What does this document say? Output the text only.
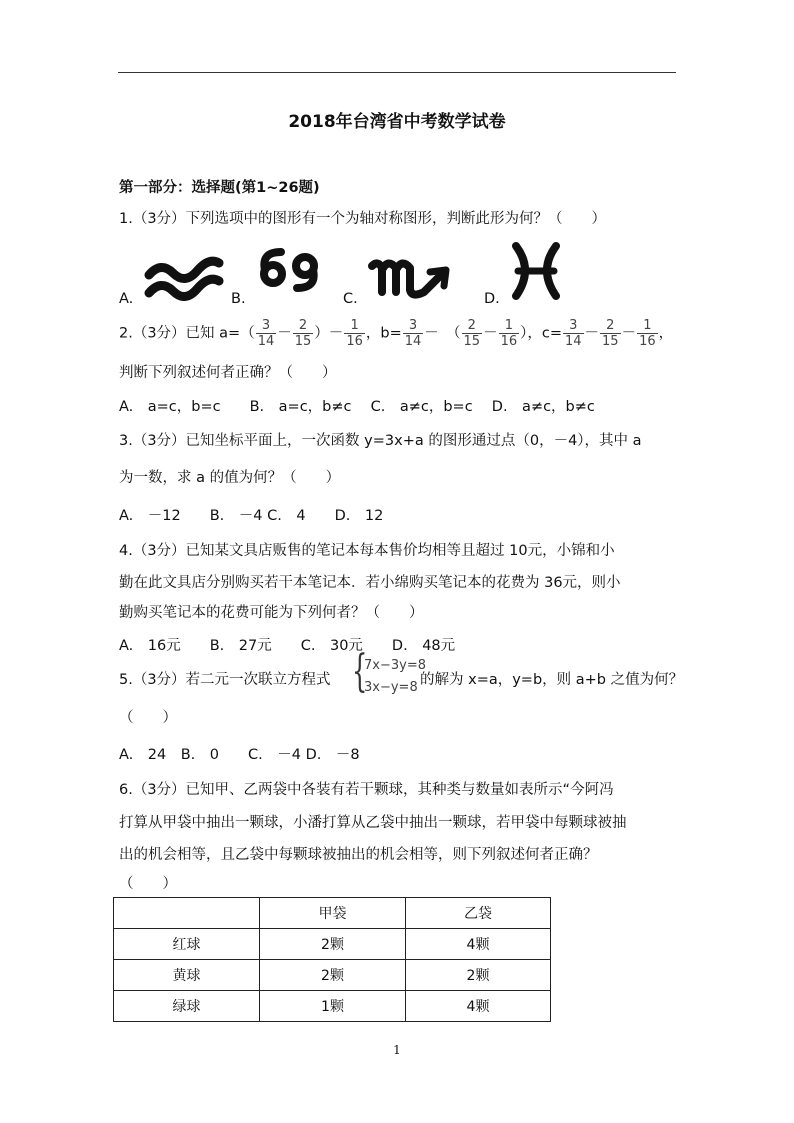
2018年台湾省中考数学试卷
第一部分：选择题(第1~26题)
1.（3分）下列选项中的图形有一个为轴对称图形，判断此形为何？（　　）
A.	B.	C.	D.
2.（3分）已知 $a=( \frac{3}{14} - \frac{2}{15}$ ）－ $\frac{1}{16}$ ，$b= \frac{3}{14}$ －　（ $\frac{2}{15} - \frac{1}{16}$ ），$c= \frac{3}{14} - \frac{2}{15} - \frac{1}{16}$ ，
判断下列叙述何者正确？（　　）
A.　a=c，b=c　　B.　a=c，b≠c　 C.　a≠c，b=c　 D.　a≠c，b≠c
3.（3分）已知坐标平面上，一次函数 y=3x+a 的图形通过点（0，－4），其中 a
为一数，求 a 的值为何？（　　）
A.　－12　　B.　－4 C.　4　　D.　12
4.（3分）已知某文具店贩售的笔记本每本售价均相等且超过 10元，小锦和小
勤在此文具店分别购买若干本笔记本．若小绵购买笔记本的花费为 36元，则小
勤购买笔记本的花费可能为下列何者？（　　）
A.　16元　　B.　27元　　C.　30元　　D.　48元
5.（3分）若二元一次联立方程式 {
7x−3y=8
3x−y=8 的解为 x=a，y=b，则 a+b 之值为何？
（　　）
A.　24　B.　0　　C.　－4 D.　－8
6.（3分）已知甲、乙两袋中各装有若干颗球，其种类与数量如表所示“今阿冯
打算从甲袋中抽出一颗球，小潘打算从乙袋中抽出一颗球，若甲袋中每颗球被抽
出的机会相等，且乙袋中每颗球被抽出的机会相等，则下列叙述何者正确？
（　　）
	甲袋	乙袋
红球	2颗	4颗
黄球	2颗	2颗
绿球	1颗	4颗
1
